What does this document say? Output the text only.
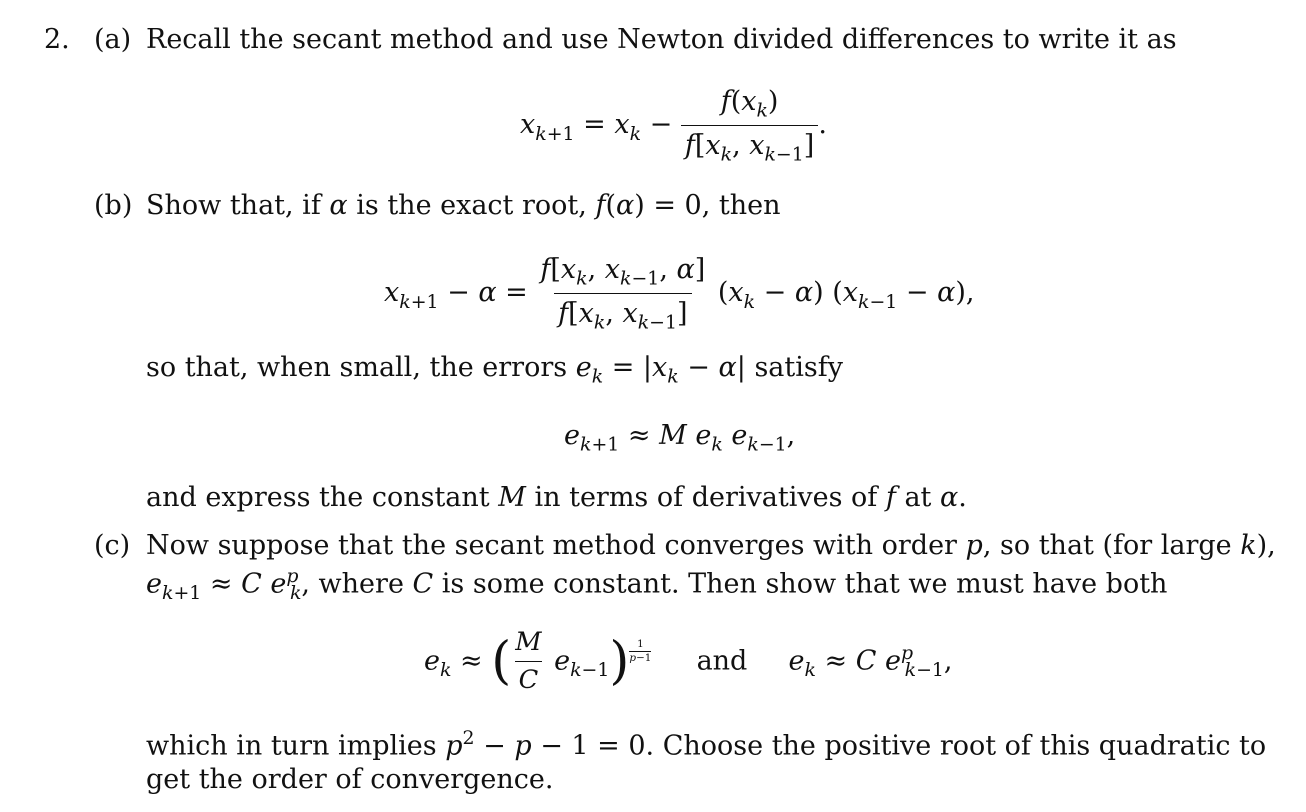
2. (a) Recall the secant method and use Newton divided differences to write it as
$x_{k+1} = x_k - \frac{f(x_k)}{f[x_k, x_{k-1}]}$ .
(b) Show that, if α is the exact root, f(α) = 0, then
$x_{k+1} - \alpha = \frac{f[x_k, x_{k-1}, \alpha]}{f[x_k, x_{k-1}]} (x_k - \alpha) (x_{k-1} - \alpha)$,
so that, when small, the errors $e_k = |x_k - \alpha|$ satisfy
$e_{k+1} \approx M$ $e_k$ $e_{k-1}$,
and express the constant M in terms of derivatives of f at α.
(c) Now suppose that the secant method converges with order p, so that (for large k),
$e_{k+1} \approx C$ $e^p_k$, where C is some constant. Then show that we must have both
$e_k$ ≈ ( $\frac{M}{C} e_{k-1}$) $^{\frac{1}{p-1}}$ and $e_k \approx C$ $e^p_{k-1}$,
which in turn implies $p^2 - p - 1 = 0$. Choose the positive root of this quadratic to
get the order of convergence.
